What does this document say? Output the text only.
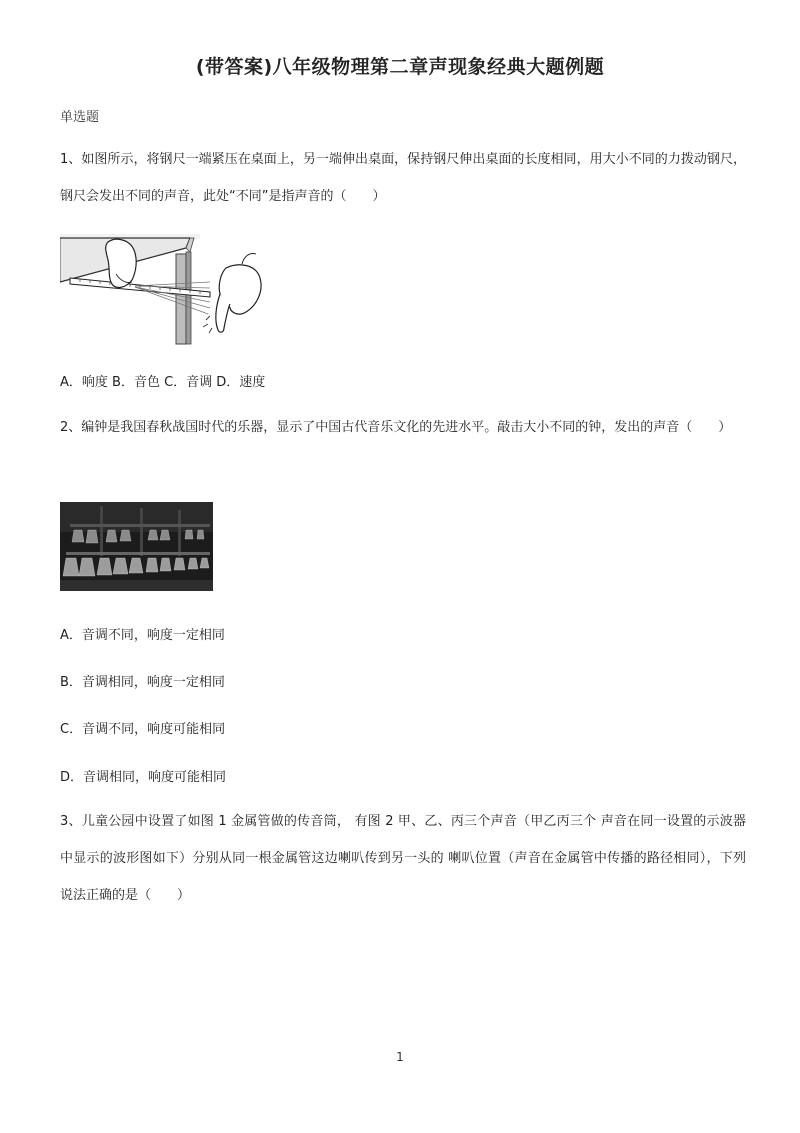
(带答案)八年级物理第二章声现象经典大题例题
单选题
1、如图所示，将钢尺一端紧压在桌面上，另一端伸出桌面，保持钢尺伸出桌面的长度相同，用大小不同的力拨动钢尺，钢尺会发出不同的声音，此处“不同”是指声音的（　　）
A．响度 B．音色 C．音调 D．速度
2、编钟是我国春秋战国时代的乐器，显示了中国古代音乐文化的先进水平。敲击大小不同的钟，发出的声音（　　）
A．音调不同，响度一定相同
B．音调相同，响度一定相同
C．音调不同，响度可能相同
D．音调相同，响度可能相同
3、儿童公园中设置了如图 1 金属管做的传音筒， 有图 2 甲、乙、丙三个声音（甲乙丙三个 声音在同一设置的示波器中显示的波形图如下）分别从同一根金属管这边喇叭传到另一头的 喇叭位置（声音在金属管中传播的路径相同），下列说法正确的是（　　）
1
